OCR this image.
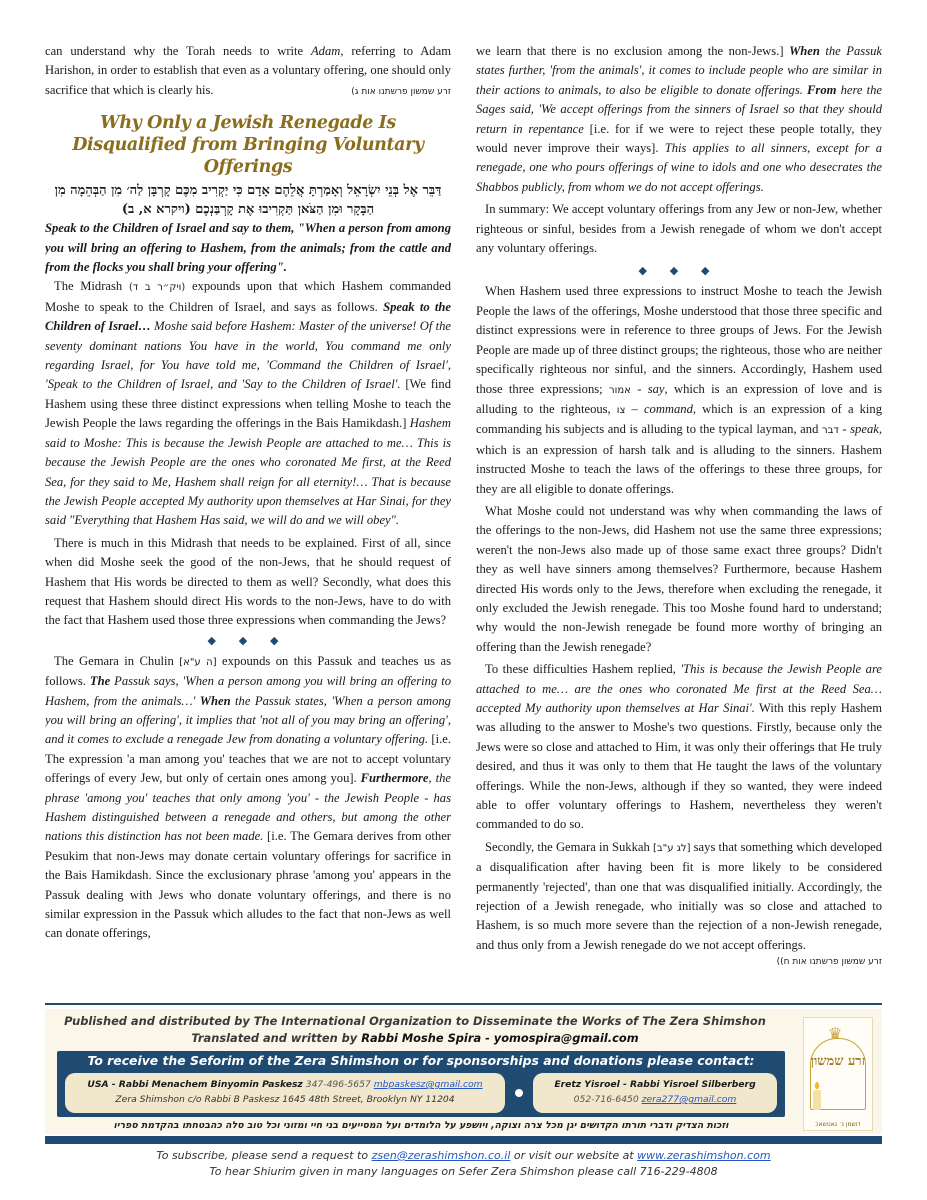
can understand why the Torah needs to write Adam, referring to Adam Harishon, in order to establish that even as a voluntary offering, one should only sacrifice that which is clearly his.	זרע שמשון פרשתנו אות ג)

Why Only a Jewish Renegade Is Disqualified from Bringing Voluntary Offerings
דַּבֵּר אֶל בְּנֵי יִשְׂרָאֵל וְאָמַרְתָּ אֲלֵהֶם אָדָם כִּי יַקְרִיב מִכֶּם קָרְבָּן לַה׳ מִן הַבְּהֵמָה מִן הַבָּקָר וּמִן הַצֹּאן תַּקְרִיבוּ אֶת קָרְבַּנְכֶם (ויקרא א, ב)

Speak to the Children of Israel and say to them, "When a person from among you will bring an offering to Hashem, from the animals; from the cattle and from the flocks you shall bring your offering".

The Midrash (ויק״ר ב ד) expounds upon that which Hashem commanded Moshe to speak to the Children of Israel, and says as follows. Speak to the Children of Israel… Moshe said before Hashem: Master of the universe! Of the seventy dominant nations You have in the world, You command me only regarding Israel, for You have told me, 'Command the Children of Israel', 'Speak to the Children of Israel, and 'Say to the Children of Israel'. [We find Hashem using these three distinct expressions when telling Moshe to teach the Jewish People the laws regarding the offerings in the Bais Hamikdash.] Hashem said to Moshe: This is because the Jewish People are attached to me… This is because the Jewish People are the ones who coronated Me first, at the Reed Sea, for they said to Me, Hashem shall reign for all eternity!… That is because the Jewish People accepted My authority upon themselves at Har Sinai, for they said "Everything that Hashem Has said, we will do and we will obey".

There is much in this Midrash that needs to be explained. First of all, since when did Moshe seek the good of the non-Jews, that he should request of Hashem that His words be directed to them as well? Secondly, what does this request that Hashem should direct His words to the non-Jews, have to do with the fact that Hashem used those three expressions when commanding the Jews?

◆ ◆ ◆

The Gemara in Chulin [ה ע"א] expounds on this Passuk and teaches us as follows. The Passuk says, 'When a person among you will bring an offering to Hashem, from the animals…' When the Passuk states, 'When a person among you will bring an offering', it implies that 'not all of you may bring an offering', and it comes to exclude a renegade Jew from donating a voluntary offering. [i.e. The expression 'a man among you' teaches that we are not to accept voluntary offerings of every Jew, but only of certain ones among you]. Furthermore, the phrase 'among you' teaches that only among 'you' - the Jewish People - has Hashem distinguished between a renegade and others, but among the other nations this distinction has not been made. [i.e. The Gemara derives from other Pesukim that non-Jews may donate certain voluntary offerings for sacrifice in the Bais Hamikdash. Since the exclusionary phrase 'among you' appears in the Passuk dealing with Jews who donate voluntary offerings, and there is no similar expression in the Passuk which alludes to the fact that non-Jews as well can donate offerings,

we learn that there is no exclusion among the non-Jews.] When the Passuk states further, 'from the animals', it comes to include people who are similar in their actions to animals, to also be eligible to donate offerings. From here the Sages said, 'We accept offerings from the sinners of Israel so that they should return in repentance [i.e. for if we were to reject these people totally, they would never improve their ways]. This applies to all sinners, except for a renegade, one who pours offerings of wine to idols and one who desecrates the Shabbos publicly, from whom we do not accept offerings.

In summary: We accept voluntary offerings from any Jew or non-Jew, whether righteous or sinful, besides from a Jewish renegade of whom we don't accept any voluntary offerings.

◆ ◆ ◆

When Hashem used three expressions to instruct Moshe to teach the Jewish People the laws of the offerings, Moshe understood that those three specific and distinct expressions were in reference to three groups of Jews. For the Jewish People are made up of three distinct groups; the righteous, those who are neither specifically righteous nor sinful, and the sinners. Accordingly, Hashem used those three expressions; אמור - say, which is an expression of love and is alluding to the righteous, צו – command, which is an expression of a king commanding his subjects and is alluding to the typical layman, and דבר - speak, which is an expression of harsh talk and is alluding to the sinners. Hashem instructed Moshe to teach the laws of the offerings to these three groups, for they are all eligible to donate offerings.

What Moshe could not understand was why when commanding the laws of the offerings to the non-Jews, did Hashem not use the same three expressions; weren't the non-Jews also made up of those same exact three groups? Didn't they as well have sinners among themselves? Furthermore, because Hashem directed His words only to the Jews, therefore when excluding the renegade, it only excluded the Jewish renegade. This too Moshe found hard to understand; why would the non-Jewish renegade be found more worthy of bringing an offering than the Jewish renegade?

To these difficulties Hashem replied, 'This is because the Jewish People are attached to me… are the ones who coronated Me first at the Reed Sea… accepted My authority upon themselves at Har Sinai'. With this reply Hashem was alluding to the answer to Moshe's two questions. Firstly, because only the Jews were so close and attached to Him, it was only their offerings that He truly desired, and thus it was only to them that He taught the laws of the voluntary offerings. While the non-Jews, although if they so wanted, they were indeed able to offer voluntary offerings to Hashem, nevertheless they weren't commanded to do so.

Secondly, the Gemara in Sukkah [לג ע"ב] says that something which developed a disqualification after having been fit is more likely to be considered permanently 'rejected', than one that was disqualified initially. Accordingly, the rejection of a Jewish renegade, who initially was so close and attached to Hashem, is so much more severe than the rejection of a non-Jewish renegade, and thus only from a Jewish renegade do we not accept offerings.

זרע שמשון פרשתנו אות ח))
Published and distributed by The International Organization to Disseminate the Works of The Zera Shimshon
Translated and written by Rabbi Moshe Spira - yomospira@gmail.com
To receive the Seforim of the Zera Shimshon or for sponsorships and donations please contact:
USA - Rabbi Menachem Binyomin Paskesz 347-496-5657 mbpaskesz@gmail.com
Zera Shimshon c/o Rabbi B Paskesz 1645 48th Street, Brooklyn NY 11204
Eretz Yisroel - Rabbi Yisroel Silberberg
052-716-6450 zera277@gmail.com
וזכות הצדיק ודברי תורתו הקדושים יגן מכל צרה וצוקה, ויושפע על הלומדים ועל המסייעים בני חיי ומזוני וכל טוב סלה כהבטחתו בהקדמת ספריו
♛
זרע שמשון
דושמן נ׳ גאטשאכ
To subscribe, please send a request to zsen@zerashimshon.co.il or visit our website at www.zerashimshon.com
To hear Shiurim given in many languages on Sefer Zera Shimshon please call 716-229-4808
